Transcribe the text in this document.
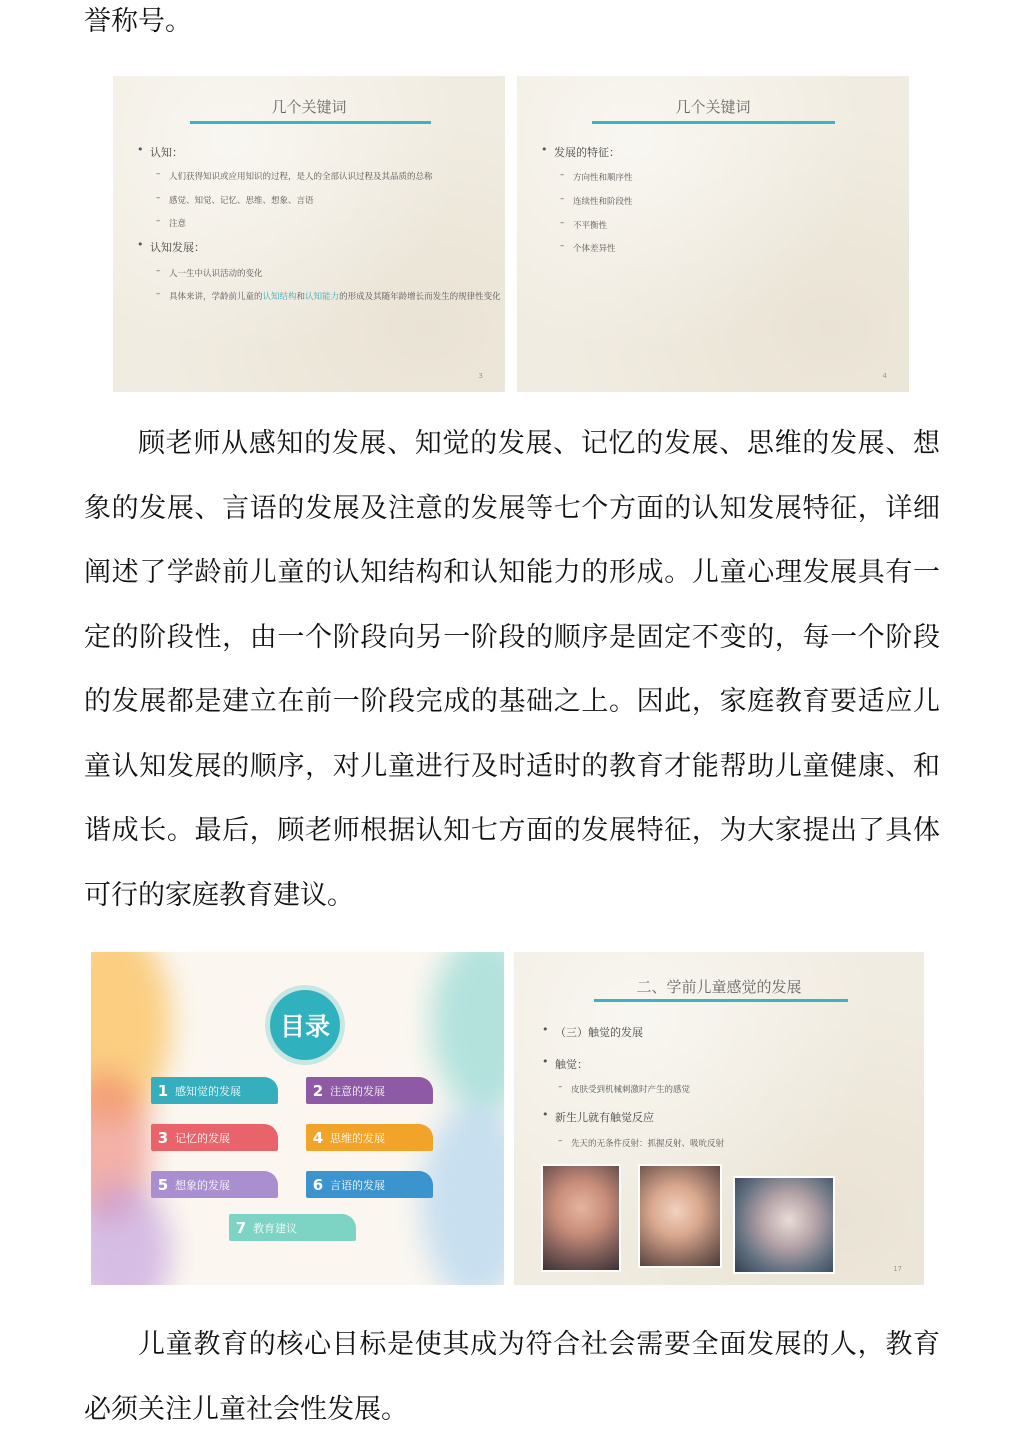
誉称号。

几个关键词
• 认知：
– 人们获得知识或应用知识的过程，是人的全部认识过程及其品质的总称
– 感觉、知觉、记忆、思维、想象、言语
– 注意
• 认知发展：
– 人一生中认识活动的变化
– 具体来讲，学龄前儿童的认知结构和认知能力的形成及其随年龄增长而发生的规律性变化
3
几个关键词
• 发展的特征：
– 方向性和顺序性
– 连续性和阶段性
– 不平衡性
– 个体差异性
4

顾老师从感知的发展、知觉的发展、记忆的发展、思维的发展、想象的发展、言语的发展及注意的发展等七个方面的认知发展特征，详细阐述了学龄前儿童的认知结构和认知能力的形成。儿童心理发展具有一定的阶段性，由一个阶段向另一阶段的顺序是固定不变的，每一个阶段的发展都是建立在前一阶段完成的基础之上。因此，家庭教育要适应儿童认知发展的顺序，对儿童进行及时适时的教育才能帮助儿童健康、和谐成长。最后，顾老师根据认知七方面的发展特征，为大家提出了具体可行的家庭教育建议。

目录
1 感知觉的发展	2 注意的发展
3 记忆的发展	4 思维的发展
5 想象的发展	6 言语的发展
7 教育建议
二、学前儿童感觉的发展
• （三）触觉的发展
• 触觉：
– 皮肤受到机械刺激时产生的感觉
• 新生儿就有触觉反应
– 先天的无条件反射：抓握反射、吸吮反射
17

儿童教育的核心目标是使其成为符合社会需要全面发展的人，教育必须关注儿童社会性发展。
